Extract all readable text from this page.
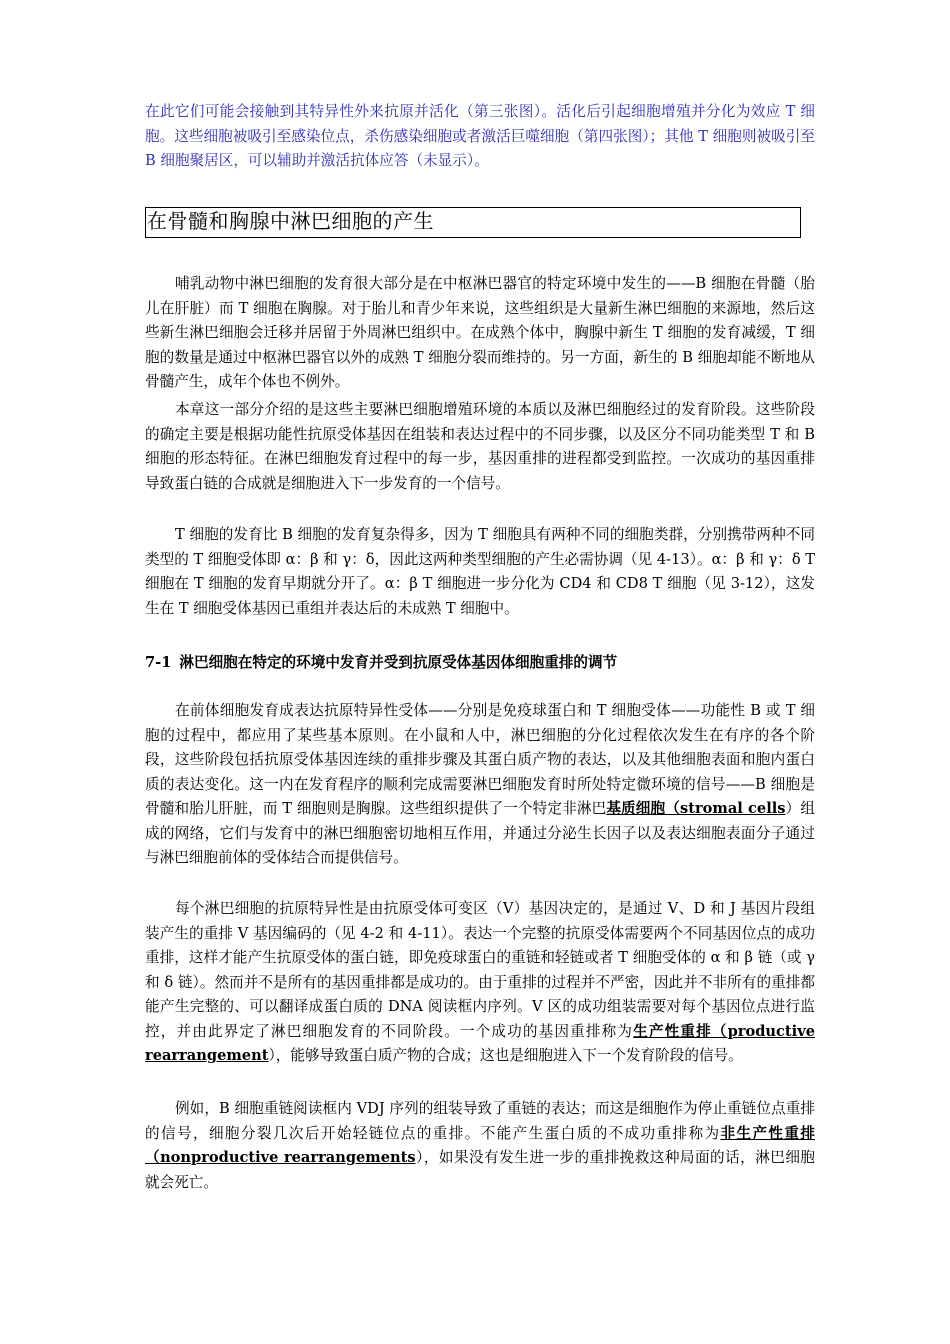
在此它们可能会接触到其特异性外来抗原并活化（第三张图）。活化后引起细胞增殖并分化为效应 T 细胞。这些细胞被吸引至感染位点，杀伤感染细胞或者激活巨噬细胞（第四张图）；其他 T 细胞则被吸引至 B 细胞聚居区，可以辅助并激活抗体应答（未显示）。

在骨髓和胸腺中淋巴细胞的产生

哺乳动物中淋巴细胞的发育很大部分是在中枢淋巴器官的特定环境中发生的——B 细胞在骨髓（胎儿在肝脏）而 T 细胞在胸腺。对于胎儿和青少年来说，这些组织是大量新生淋巴细胞的来源地，然后这些新生淋巴细胞会迁移并居留于外周淋巴组织中。在成熟个体中，胸腺中新生 T 细胞的发育减缓，T 细胞的数量是通过中枢淋巴器官以外的成熟 T 细胞分裂而维持的。另一方面，新生的 B 细胞却能不断地从骨髓产生，成年个体也不例外。

本章这一部分介绍的是这些主要淋巴细胞增殖环境的本质以及淋巴细胞经过的发育阶段。这些阶段的确定主要是根据功能性抗原受体基因在组装和表达过程中的不同步骤，以及区分不同功能类型 T 和 B 细胞的形态特征。在淋巴细胞发育过程中的每一步，基因重排的进程都受到监控。一次成功的基因重排导致蛋白链的合成就是细胞进入下一步发育的一个信号。

T 细胞的发育比 B 细胞的发育复杂得多，因为 T 细胞具有两种不同的细胞类群，分别携带两种不同类型的 T 细胞受体即 α：β 和 γ：δ，因此这两种类型细胞的产生必需协调（见 4-13）。α：β 和 γ：δ T 细胞在 T 细胞的发育早期就分开了。α：β T 细胞进一步分化为 CD4 和 CD8 T 细胞（见 3-12），这发生在 T 细胞受体基因已重组并表达后的未成熟 T 细胞中。

7-1 淋巴细胞在特定的环境中发育并受到抗原受体基因体细胞重排的调节

在前体细胞发育成表达抗原特异性受体——分别是免疫球蛋白和 T 细胞受体——功能性 B 或 T 细胞的过程中，都应用了某些基本原则。在小鼠和人中，淋巴细胞的分化过程依次发生在有序的各个阶段，这些阶段包括抗原受体基因连续的重排步骤及其蛋白质产物的表达，以及其他细胞表面和胞内蛋白质的表达变化。这一内在发育程序的顺利完成需要淋巴细胞发育时所处特定微环境的信号——B 细胞是骨髓和胎儿肝脏，而 T 细胞则是胸腺。这些组织提供了一个特定非淋巴基质细胞（stromal cells）组成的网络，它们与发育中的淋巴细胞密切地相互作用，并通过分泌生长因子以及表达细胞表面分子通过与淋巴细胞前体的受体结合而提供信号。

每个淋巴细胞的抗原特异性是由抗原受体可变区（V）基因决定的，是通过 V、D 和 J 基因片段组装产生的重排 V 基因编码的（见 4-2 和 4-11）。表达一个完整的抗原受体需要两个不同基因位点的成功重排，这样才能产生抗原受体的蛋白链，即免疫球蛋白的重链和轻链或者 T 细胞受体的 α 和 β 链（或 γ 和 δ 链）。然而并不是所有的基因重排都是成功的。由于重排的过程并不严密，因此并不非所有的重排都能产生完整的、可以翻译成蛋白质的 DNA 阅读框内序列。V 区的成功组装需要对每个基因位点进行监控，并由此界定了淋巴细胞发育的不同阶段。一个成功的基因重排称为生产性重排（productive rearrangement），能够导致蛋白质产物的合成；这也是细胞进入下一个发育阶段的信号。

例如，B 细胞重链阅读框内 VDJ 序列的组装导致了重链的表达；而这是细胞作为停止重链位点重排的信号，细胞分裂几次后开始轻链位点的重排。不能产生蛋白质的不成功重排称为非生产性重排（nonproductive rearrangements），如果没有发生进一步的重排挽救这种局面的话，淋巴细胞就会死亡。
